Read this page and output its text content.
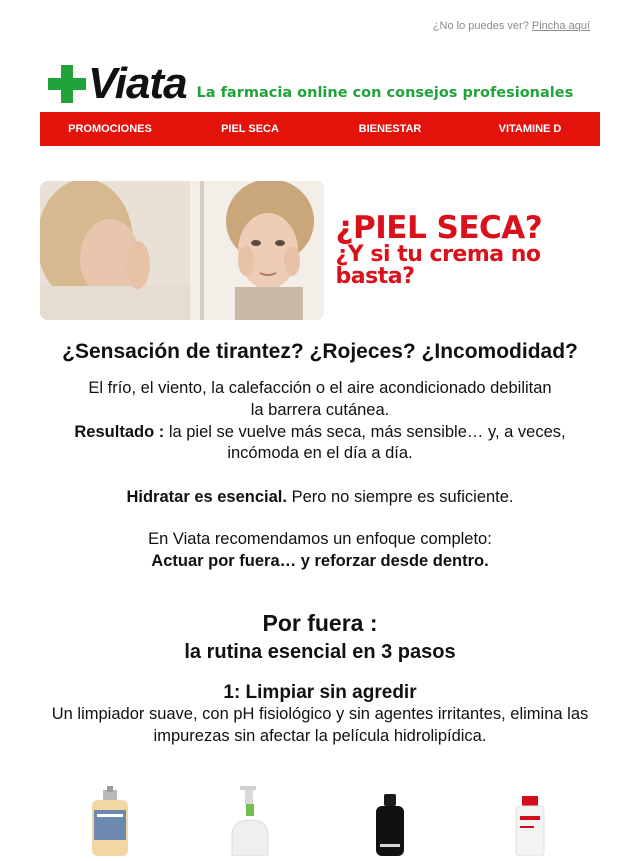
¿No lo puedes ver? Pincha aquí
Viata La farmacia online con consejos profesionales
PROMOCIONES	PIEL SECA	BIENESTAR	VITAMINE D
¿PIEL SECA?
¿Y si tu crema no basta?
¿Sensación de tirantez? ¿Rojeces? ¿Incomodidad?

El frío, el viento, la calefacción o el aire acondicionado debilitan
la barrera cutánea.
Resultado : la piel se vuelve más seca, más sensible… y, a veces, incómoda en el día a día.

Hidratar es esencial. Pero no siempre es suficiente.

En Viata recomendamos un enfoque completo:
Actuar por fuera… y reforzar desde dentro.

Por fuera :
la rutina esencial en 3 pasos
1: Limpiar sin agredir

Un limpiador suave, con pH fisiológico y sin agentes irritantes, elimina las impurezas sin afectar la película hidrolipídica.
